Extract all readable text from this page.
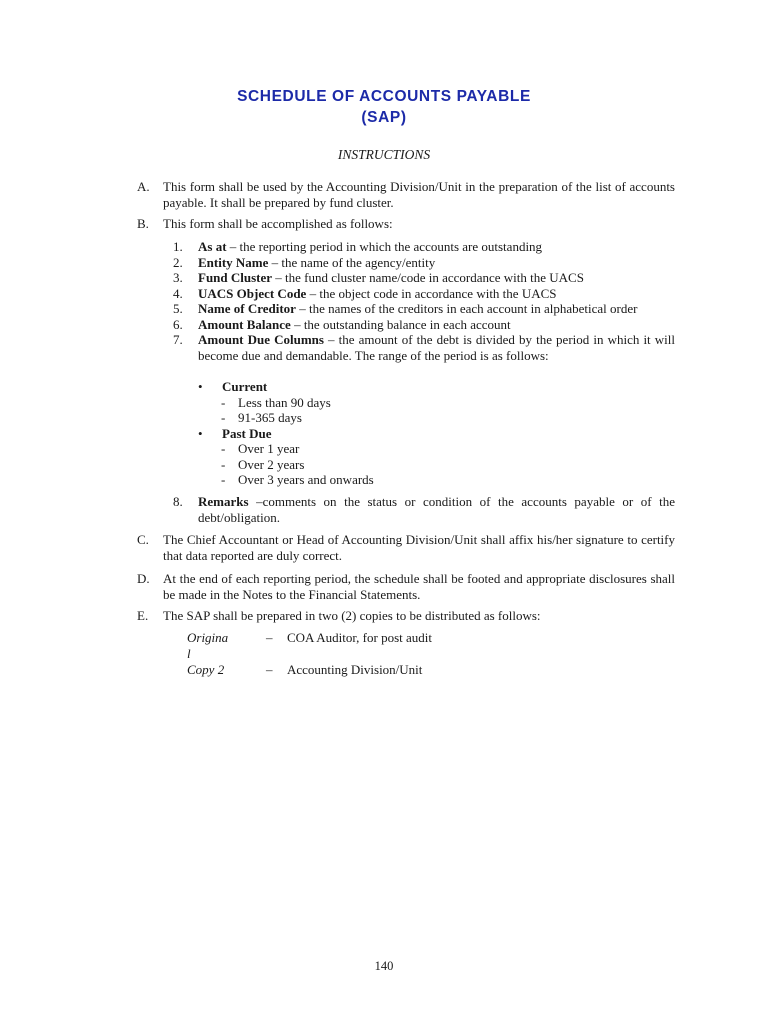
SCHEDULE OF ACCOUNTS PAYABLE
(SAP)
INSTRUCTIONS
A. This form shall be used by the Accounting Division/Unit in the preparation of the list of accounts payable. It shall be prepared by fund cluster.
B. This form shall be accomplished as follows:
1. As at – the reporting period in which the accounts are outstanding
2. Entity Name – the name of the agency/entity
3. Fund Cluster – the fund cluster name/code in accordance with the UACS
4. UACS Object Code – the object code in accordance with the UACS
5. Name of Creditor – the names of the creditors in each account in alphabetical order
6. Amount Balance – the outstanding balance in each account
7. Amount Due Columns – the amount of the debt is divided by the period in which it will become due and demandable. The range of the period is as follows:
• Current
- Less than 90 days
- 91-365 days
• Past Due
- Over 1 year
- Over 2 years
- Over 3 years and onwards
8. Remarks –comments on the status or condition of the accounts payable or of the debt/obligation.
C. The Chief Accountant or Head of Accounting Division/Unit shall affix his/her signature to certify that data reported are duly correct.
D. At the end of each reporting period, the schedule shall be footed and appropriate disclosures shall be made in the Notes to the Financial Statements.
E. The SAP shall be prepared in two (2) copies to be distributed as follows:
Original
– COA Auditor, for post audit
Copy 2	– Accounting Division/Unit
140
